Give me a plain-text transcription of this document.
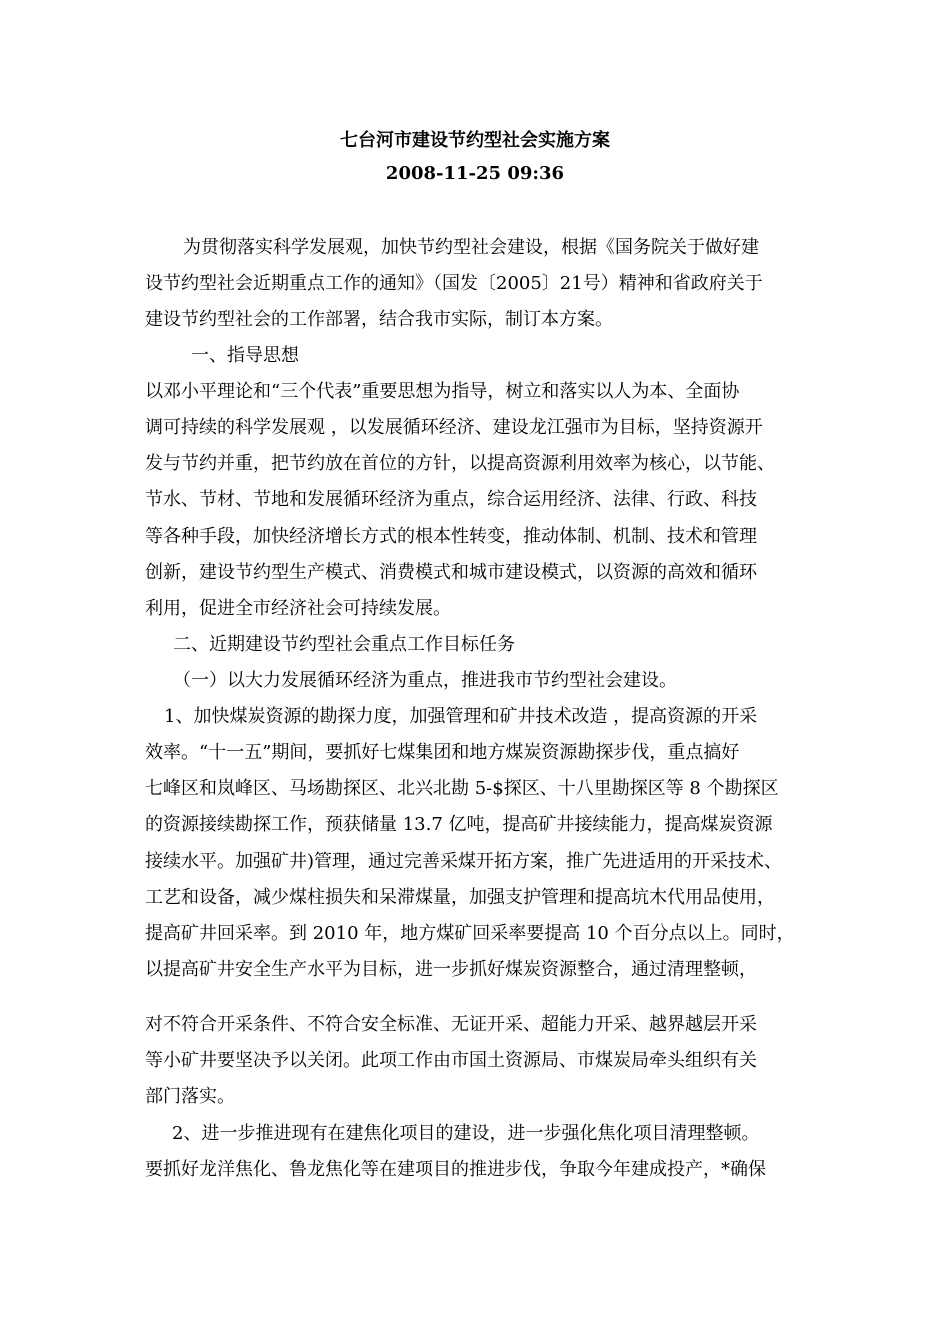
七台河市建设节约型社会实施方案
2008-11-25 09:36
为贯彻落实科学发展观，加快节约型社会建设，根据《国务院关于做好建
设节约型社会近期重点工作的通知》（国发〔2005〕21号）精神和省政府关于
建设节约型社会的工作部署，结合我市实际，制订本方案。
一、指导思想
以邓小平理论和“三个代表”重要思想为指导，树立和落实以人为本、全面协
调可持续的科学发展观 ，以发展循环经济、建设龙江强市为目标，坚持资源开
发与节约并重，把节约放在首位的方针，以提高资源利用效率为核心，以节能、
节水、节材、节地和发展循环经济为重点，综合运用经济、法律、行政、科技
等各种手段，加快经济增长方式的根本性转变，推动体制、机制、技术和管理
创新，建设节约型生产模式、消费模式和城市建设模式，以资源的高效和循环
利用，促进全市经济社会可持续发展。
二、近期建设节约型社会重点工作目标任务
（一）以大力发展循环经济为重点，推进我市节约型社会建设。
1、加快煤炭资源的勘探力度，加强管理和矿井技术改造 ，提高资源的开采
效率。“十一五”期间，要抓好七煤集团和地方煤炭资源勘探步伐，重点搞好
七峰区和岚峰区、马场勘探区、北兴北勘 5-$探区、十八里勘探区等 8 个勘探区
的资源接续勘探工作，预获储量 13.7 亿吨，提高矿井接续能力，提高煤炭资源
接续水平。加强矿井)管理，通过完善采煤开拓方案，推广先进适用的开采技术、
工艺和设备，减少煤柱损失和呆滞煤量，加强支护管理和提高坑木代用品使用，
提高矿井回采率。到 2010 年，地方煤矿回采率要提高 10 个百分点以上。同时，
以提高矿井安全生产水平为目标，进一步抓好煤炭资源整合，通过清理整顿，
对不符合开采条件、不符合安全标准、无证开采、超能力开采、越界越层开采
等小矿井要坚决予以关闭。此项工作由市国土资源局、市煤炭局牵头组织有关
部门落实。
2、进一步推进现有在建焦化项目的建设，进一步强化焦化项目清理整顿。
要抓好龙洋焦化、鲁龙焦化等在建项目的推进步伐，争取今年建成投产，*确保
